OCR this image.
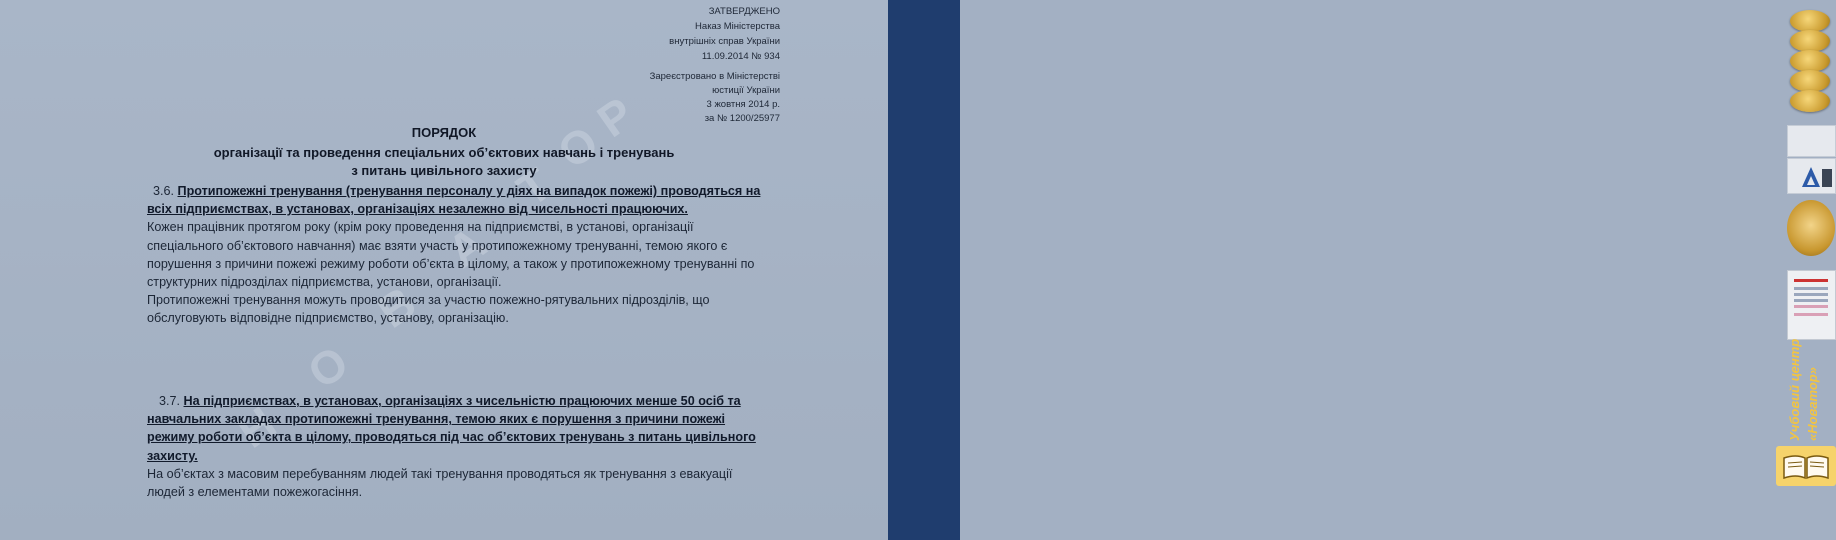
Н
О
В
А
Т
О
Р
ЗАТВЕРДЖЕНО
Наказ Міністерства
внутрішніх справ України
11.09.2014 № 934
Зареєстровано в Міністерстві
юстиції України
3 жовтня 2014 р.
за № 1200/25977
ПОРЯДОК
організації та проведення спеціальних об’єктових навчань і тренувань
з питань цивільного захисту
3.6. Протипожежні тренування (тренування персоналу у діях на випадок пожежі) проводяться на всіх підприємствах, в установах, організаціях незалежно від чисельності працюючих.
Кожен працівник протягом року (крім року проведення на підприємстві, в установі, організації спеціального об’єктового навчання) має взяти участь у протипожежному тренуванні, темою якого є порушення з причини пожежі режиму роботи об’єкта в цілому, а також у протипожежному тренуванні по структурних підрозділах підприємства, установи, організації.
Протипожежні тренування можуть проводитися за участю пожежно-рятувальних підрозділів, що обслуговують відповідне підприємство, установу, організацію.
3.7. На підприємствах, в установах, організаціях з чисельністю працюючих менше 50 осіб та навчальних закладах протипожежні тренування, темою яких є порушення з причини пожежі режиму роботи об’єкта в цілому, проводяться під час об’єктових тренувань з питань цивільного захисту.
На об’єктах з масовим перебуванням людей такі тренування проводяться як тренування з евакуації людей з елементами пожежогасіння.
Учбовий центр «Новатор»
